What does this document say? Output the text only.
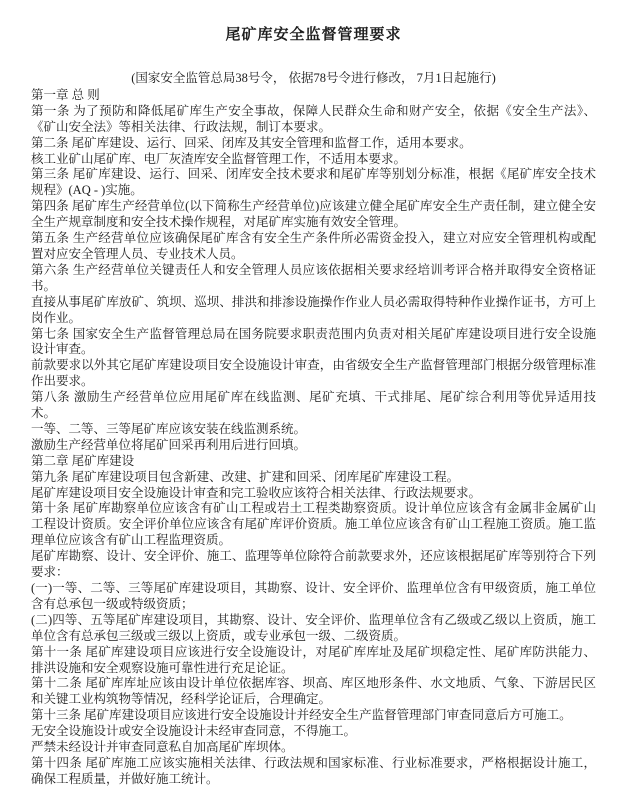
尾矿库安全监督管理要求

(国家安全监管总局38号令， 依据78号令进行修改， 7月1日起施行)

第一章 总 则

第一条 为了预防和降低尾矿库生产安全事故，保障人民群众生命和财产安全，依据《安全生产法》、《矿山安全法》等相关法律、行政法规，制订本要求。

第二条 尾矿库建设、运行、回采、闭库及其安全管理和监督工作，适用本要求。

核工业矿山尾矿库、电厂灰渣库安全监督管理工作，不适用本要求。

第三条 尾矿库建设、运行、回采、闭库安全技术要求和尾矿库等别划分标准，根据《尾矿库安全技术规程》(AQ - )实施。

第四条 尾矿库生产经营单位(以下简称生产经营单位)应该建立健全尾矿库安全生产责任制，建立健全安全生产规章制度和安全技术操作规程，对尾矿库实施有效安全管理。

第五条 生产经营单位应该确保尾矿库含有安全生产条件所必需资金投入，建立对应安全管理机构或配置对应安全管理人员、专业技术人员。

第六条 生产经营单位关键责任人和安全管理人员应该依据相关要求经培训考评合格并取得安全资格证书。

直接从事尾矿库放矿、筑坝、巡坝、排洪和排渗设施操作作业人员必需取得特种作业操作证书，方可上岗作业。

第七条 国家安全生产监督管理总局在国务院要求职责范围内负责对相关尾矿库建设项目进行安全设施设计审查。

前款要求以外其它尾矿库建设项目安全设施设计审查，由省级安全生产监督管理部门根据分级管理标准作出要求。

第八条 激励生产经营单位应用尾矿库在线监测、尾矿充填、干式排尾、尾矿综合利用等优异适用技术。

一等、二等、三等尾矿库应该安装在线监测系统。

激励生产经营单位将尾矿回采再利用后进行回填。

第二章 尾矿库建设

第九条 尾矿库建设项目包含新建、改建、扩建和回采、闭库尾矿库建设工程。

尾矿库建设项目安全设施设计审查和完工验收应该符合相关法律、行政法规要求。

第十条 尾矿库勘察单位应该含有矿山工程或岩土工程类勘察资质。设计单位应该含有金属非金属矿山工程设计资质。安全评价单位应该含有尾矿库评价资质。施工单位应该含有矿山工程施工资质。施工监理单位应该含有矿山工程监理资质。

尾矿库勘察、设计、安全评价、施工、监理等单位除符合前款要求外，还应该根据尾矿库等别符合下列要求：

(一)一等、二等、三等尾矿库建设项目，其勘察、设计、安全评价、监理单位含有甲级资质，施工单位含有总承包一级或特级资质；

(二)四等、五等尾矿库建设项目，其勘察、设计、安全评价、监理单位含有乙级或乙级以上资质，施工单位含有总承包三级或三级以上资质，或专业承包一级、二级资质。

第十一条 尾矿库建设项目应该进行安全设施设计，对尾矿库库址及尾矿坝稳定性、尾矿库防洪能力、排洪设施和安全观察设施可靠性进行充足论证。

第十二条 尾矿库库址应该由设计单位依据库容、坝高、库区地形条件、水文地质、气象、下游居民区和关键工业构筑物等情况，经科学论证后，合理确定。

第十三条 尾矿库建设项目应该进行安全设施设计并经安全生产监督管理部门审查同意后方可施工。

无安全设施设计或安全设施设计未经审查同意，不得施工。

严禁未经设计并审查同意私自加高尾矿库坝体。

第十四条 尾矿库施工应该实施相关法律、行政法规和国家标准、行业标准要求，严格根据设计施工，确保工程质量，并做好施工统计。
